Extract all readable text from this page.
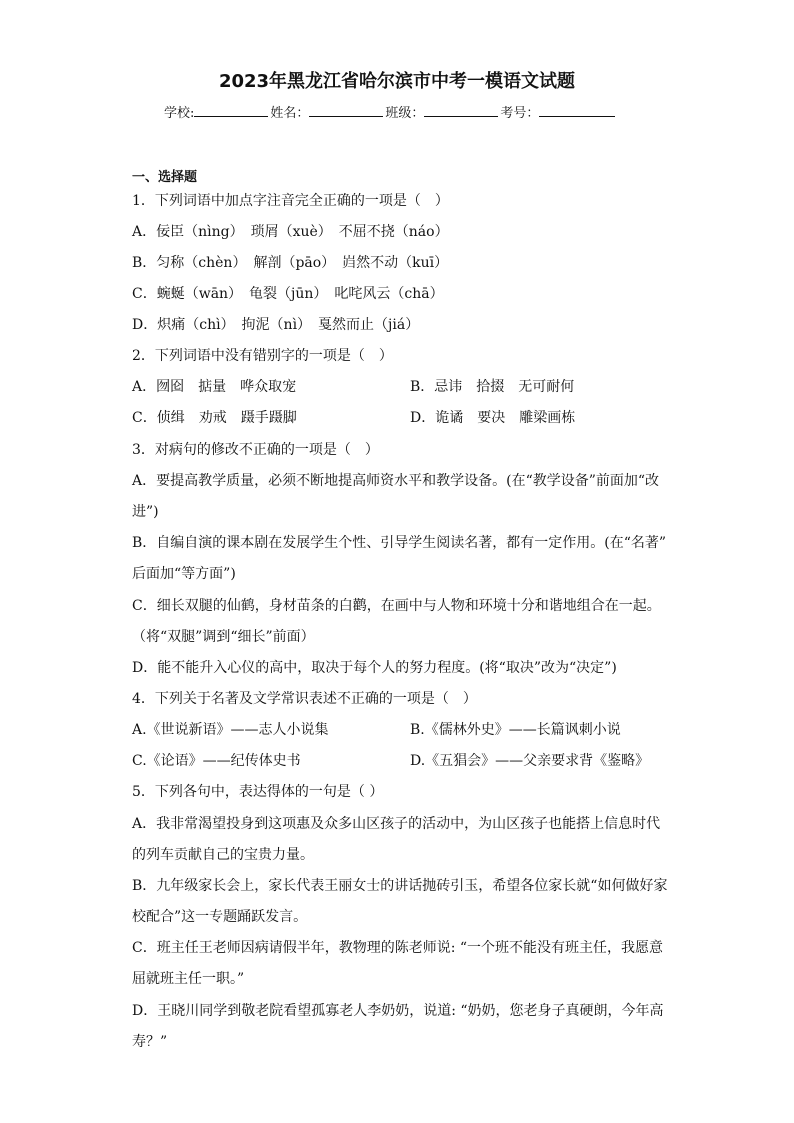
2023年黑龙江省哈尔滨市中考一模语文试题
学校:	姓名：	班级：	考号：
一、选择题
1．下列词语中加点字注音完全正确的一项是（　）
A．佞臣（nìng）　琐屑（xuè）　不屈不挠（náo）
B．匀称（chèn）　解剖（pāo）　岿然不动（kuī）
C．蜿蜒（wān）　龟裂（jūn）　叱咤风云（chā）
D．炽痛（chì）　拘泥（nì）　戛然而止（jiá）
2．下列词语中没有错别字的一项是（　）
A．囫囵　掂量　哗众取宠	B．忌讳　拾掇　无可耐何
C．侦缉　劝戒　蹑手蹑脚	D．诡谲　要决　雕梁画栋
3．对病句的修改不正确的一项是（　）
A．要提高教学质量，必须不断地提高师资水平和教学设备。(在“教学设备”前面加“改
进”)
B．自编自演的课本剧在发展学生个性、引导学生阅读名著，都有一定作用。(在“名著”
后面加“等方面”)
C．细长双腿的仙鹤，身材苗条的白鹳，在画中与人物和环境十分和谐地组合在一起。
（将“双腿”调到“细长”前面）
D．能不能升入心仪的高中，取决于每个人的努力程度。(将“取决”改为“决定”)
4．下列关于名著及文学常识表述不正确的一项是（　）
A.《世说新语》——志人小说集	B.《儒林外史》——长篇讽刺小说
C.《论语》——纪传体史书	D.《五猖会》——父亲要求背《鉴略》
5．下列各句中，表达得体的一句是（ ）
A．我非常渴望投身到这项惠及众多山区孩子的活动中，为山区孩子也能搭上信息时代
的列车贡献自己的宝贵力量。
B．九年级家长会上，家长代表王丽女士的讲话抛砖引玉，希望各位家长就“如何做好家
校配合”这一专题踊跃发言。
C．班主任王老师因病请假半年，教物理的陈老师说: “一个班不能没有班主任，我愿意
屈就班主任一职。”
D．王晓川同学到敬老院看望孤寡老人李奶奶，说道: “奶奶，您老身子真硬朗，今年高
寿？”
